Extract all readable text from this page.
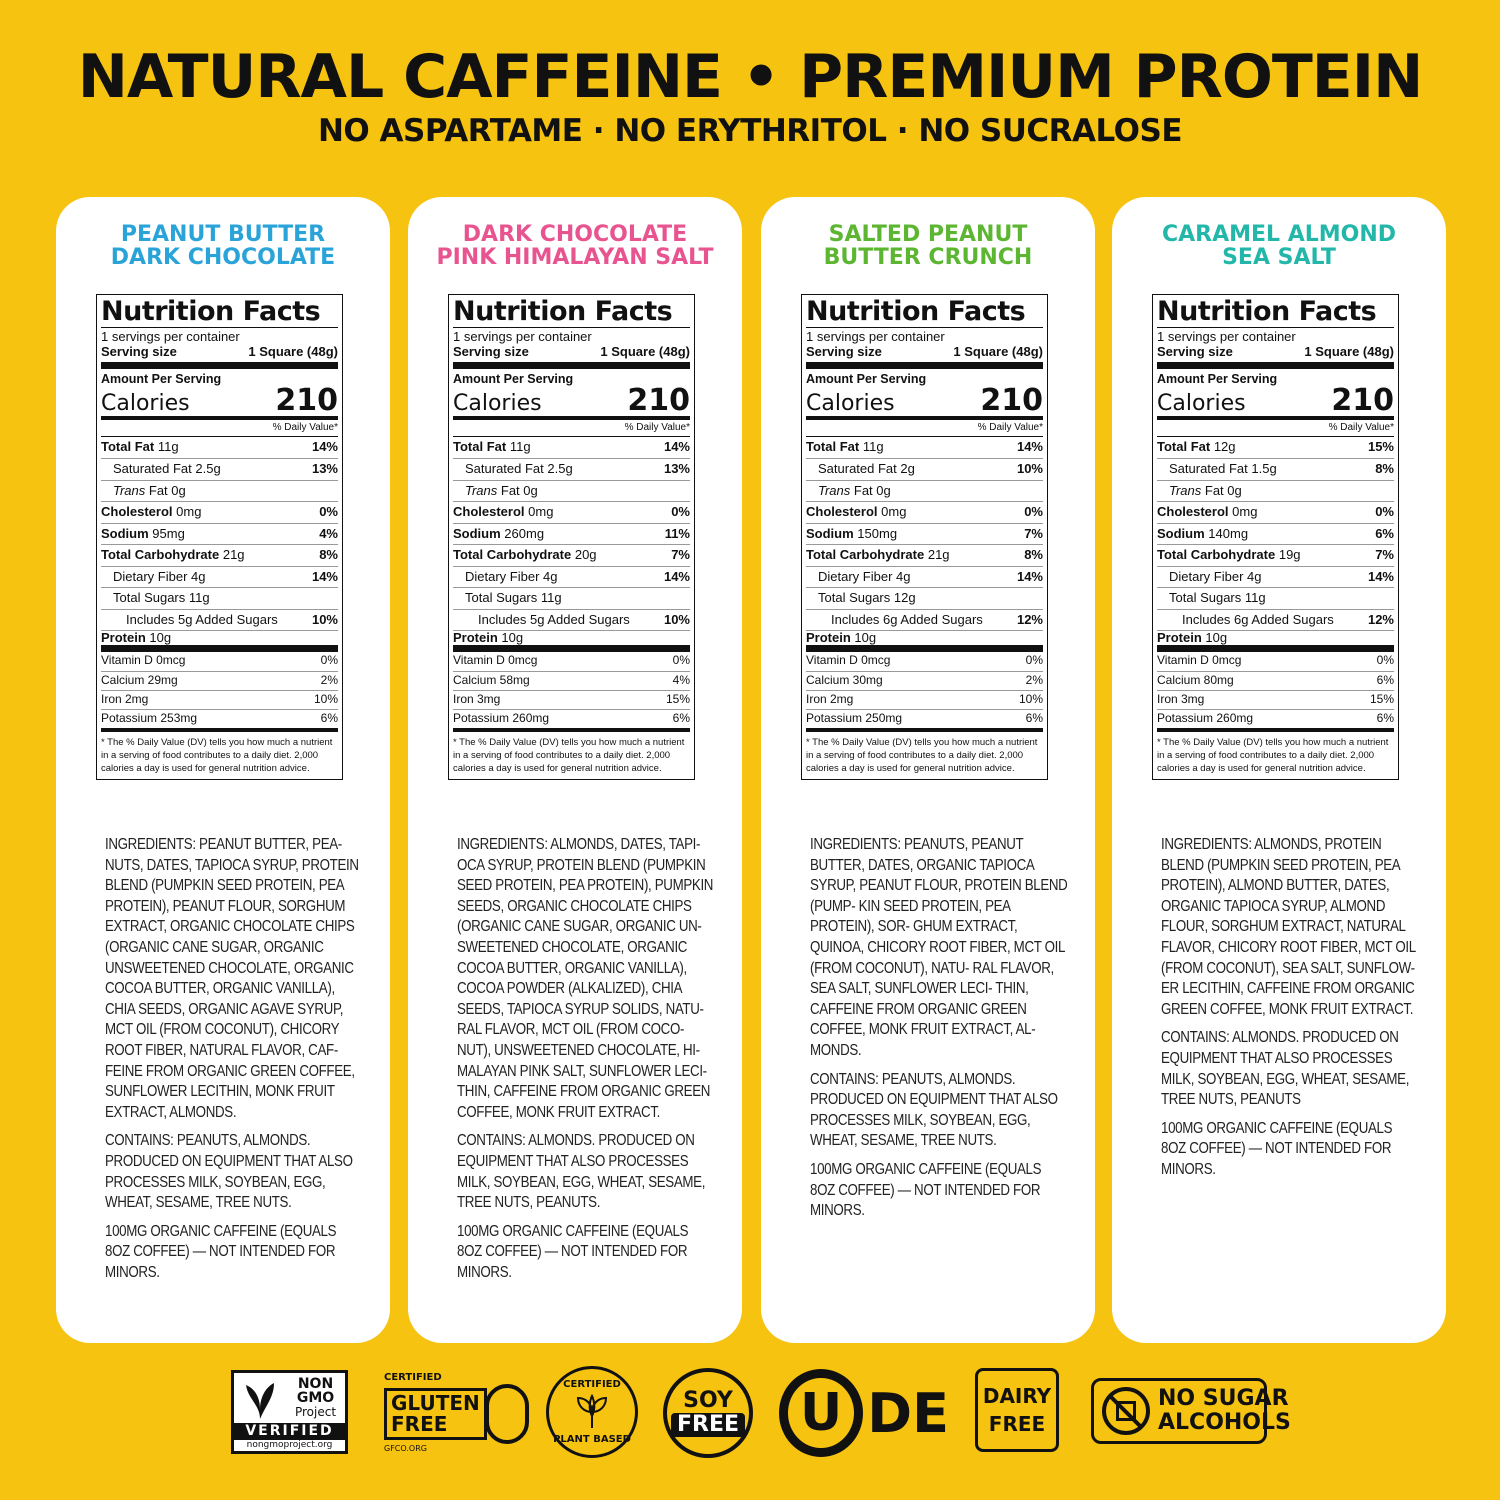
NATURAL CAFFEINE • PREMIUM PROTEIN
NO ASPARTAME · NO ERYTHRITOL · NO SUCRALOSE
PEANUT BUTTER
DARK CHOCOLATE
Nutrition Facts
1 servings per container
Serving size	1 Square (48g)
Amount Per Serving
Calories	210
% Daily Value*
Total Fat 11g	14%
Saturated Fat 2.5g	13%
Trans Fat 0g
Cholesterol 0mg	0%
Sodium 95mg	4%
Total Carbohydrate 21g	8%
Dietary Fiber 4g	14%
Total Sugars 11g
Includes 5g Added Sugars	10%
Protein 10g
Vitamin D 0mcg	0%
Calcium 29mg	2%
Iron 2mg	10%
Potassium 253mg	6%
* The % Daily Value (DV) tells you how much a nutrient in a serving of food contributes to a daily diet. 2,000 calories a day is used for general nutrition advice.

INGREDIENTS: PEANUT BUTTER, PEA- NUTS, DATES, TAPIOCA SYRUP, PROTEIN BLEND (PUMPKIN SEED PROTEIN, PEA PROTEIN), PEANUT FLOUR, SORGHUM EXTRACT, ORGANIC CHOCOLATE CHIPS (ORGANIC CANE SUGAR, ORGANIC UNSWEETENED CHOCOLATE, ORGANIC COCOA BUTTER, ORGANIC VANILLA), CHIA SEEDS, ORGANIC AGAVE SYRUP, MCT OIL (FROM COCONUT), CHICORY ROOT FIBER, NATURAL FLAVOR, CAF- FEINE FROM ORGANIC GREEN COFFEE, SUNFLOWER LECITHIN, MONK FRUIT EXTRACT, ALMONDS.

CONTAINS: PEANUTS, ALMONDS. PRODUCED ON EQUIPMENT THAT ALSO PROCESSES MILK, SOYBEAN, EGG, WHEAT, SESAME, TREE NUTS.

100MG ORGANIC CAFFEINE (EQUALS 8OZ COFFEE) — NOT INTENDED FOR MINORS.

DARK CHOCOLATE
PINK HIMALAYAN SALT
Nutrition Facts
1 servings per container
Serving size	1 Square (48g)
Amount Per Serving
Calories	210
% Daily Value*
Total Fat 11g	14%
Saturated Fat 2.5g	13%
Trans Fat 0g
Cholesterol 0mg	0%
Sodium 260mg	11%
Total Carbohydrate 20g	7%
Dietary Fiber 4g	14%
Total Sugars 11g
Includes 5g Added Sugars	10%
Protein 10g
Vitamin D 0mcg	0%
Calcium 58mg	4%
Iron 3mg	15%
Potassium 260mg	6%
* The % Daily Value (DV) tells you how much a nutrient in a serving of food contributes to a daily diet. 2,000 calories a day is used for general nutrition advice.

INGREDIENTS: ALMONDS, DATES, TAPI- OCA SYRUP, PROTEIN BLEND (PUMPKIN SEED PROTEIN, PEA PROTEIN), PUMPKIN SEEDS, ORGANIC CHOCOLATE CHIPS (ORGANIC CANE SUGAR, ORGANIC UN- SWEETENED CHOCOLATE, ORGANIC COCOA BUTTER, ORGANIC VANILLA), COCOA POWDER (ALKALIZED), CHIA SEEDS, TAPIOCA SYRUP SOLIDS, NATU- RAL FLAVOR, MCT OIL (FROM COCO- NUT), UNSWEETENED CHOCOLATE, HI- MALAYAN PINK SALT, SUNFLOWER LECI- THIN, CAFFEINE FROM ORGANIC GREEN COFFEE, MONK FRUIT EXTRACT.

CONTAINS: ALMONDS. PRODUCED ON EQUIPMENT THAT ALSO PROCESSES MILK, SOYBEAN, EGG, WHEAT, SESAME, TREE NUTS, PEANUTS.

100MG ORGANIC CAFFEINE (EQUALS 8OZ COFFEE) — NOT INTENDED FOR MINORS.

SALTED PEANUT
BUTTER CRUNCH
Nutrition Facts
1 servings per container
Serving size	1 Square (48g)
Amount Per Serving
Calories	210
% Daily Value*
Total Fat 11g	14%
Saturated Fat 2g	10%
Trans Fat 0g
Cholesterol 0mg	0%
Sodium 150mg	7%
Total Carbohydrate 21g	8%
Dietary Fiber 4g	14%
Total Sugars 12g
Includes 6g Added Sugars	12%
Protein 10g
Vitamin D 0mcg	0%
Calcium 30mg	2%
Iron 2mg	10%
Potassium 250mg	6%
* The % Daily Value (DV) tells you how much a nutrient in a serving of food contributes to a daily diet. 2,000 calories a day is used for general nutrition advice.

INGREDIENTS: PEANUTS, PEANUT BUTTER, DATES, ORGANIC TAPIOCA SYRUP, PEANUT FLOUR, PROTEIN BLEND (PUMP- KIN SEED PROTEIN, PEA PROTEIN), SOR- GHUM EXTRACT, QUINOA, CHICORY ROOT FIBER, MCT OIL (FROM COCONUT), NATU- RAL FLAVOR, SEA SALT, SUNFLOWER LECI- THIN, CAFFEINE FROM ORGANIC GREEN COFFEE, MONK FRUIT EXTRACT, AL- MONDS.

CONTAINS: PEANUTS, ALMONDS. PRODUCED ON EQUIPMENT THAT ALSO PROCESSES MILK, SOYBEAN, EGG, WHEAT, SESAME, TREE NUTS.

100MG ORGANIC CAFFEINE (EQUALS 8OZ COFFEE) — NOT INTENDED FOR MINORS.

CARAMEL ALMOND
SEA SALT
Nutrition Facts
1 servings per container
Serving size	1 Square (48g)
Amount Per Serving
Calories	210
% Daily Value*
Total Fat 12g	15%
Saturated Fat 1.5g	8%
Trans Fat 0g
Cholesterol 0mg	0%
Sodium 140mg	6%
Total Carbohydrate 19g	7%
Dietary Fiber 4g	14%
Total Sugars 11g
Includes 6g Added Sugars	12%
Protein 10g
Vitamin D 0mcg	0%
Calcium 80mg	6%
Iron 3mg	15%
Potassium 260mg	6%
* The % Daily Value (DV) tells you how much a nutrient in a serving of food contributes to a daily diet. 2,000 calories a day is used for general nutrition advice.

INGREDIENTS: ALMONDS, PROTEIN BLEND (PUMPKIN SEED PROTEIN, PEA PROTEIN), ALMOND BUTTER, DATES, ORGANIC TAPIOCA SYRUP, ALMOND FLOUR, SORGHUM EXTRACT, NATURAL FLAVOR, CHICORY ROOT FIBER, MCT OIL (FROM COCONUT), SEA SALT, SUNFLOW- ER LECITHIN, CAFFEINE FROM ORGANIC GREEN COFFEE, MONK FRUIT EXTRACT.

CONTAINS: ALMONDS. PRODUCED ON EQUIPMENT THAT ALSO PROCESSES MILK, SOYBEAN, EGG, WHEAT, SESAME, TREE NUTS, PEANUTS

100MG ORGANIC CAFFEINE (EQUALS 8OZ COFFEE) — NOT INTENDED FOR MINORS.

NON
GMO
Project
VERIFIED
nongmoproject.org
CERTIFIED
GLUTEN
FREE
GFCO.ORG
CERTIFIED
PLANT BASED
SOY
FREE U DE DAIRY
FREE
NO SUGAR
ALCOHOLS
